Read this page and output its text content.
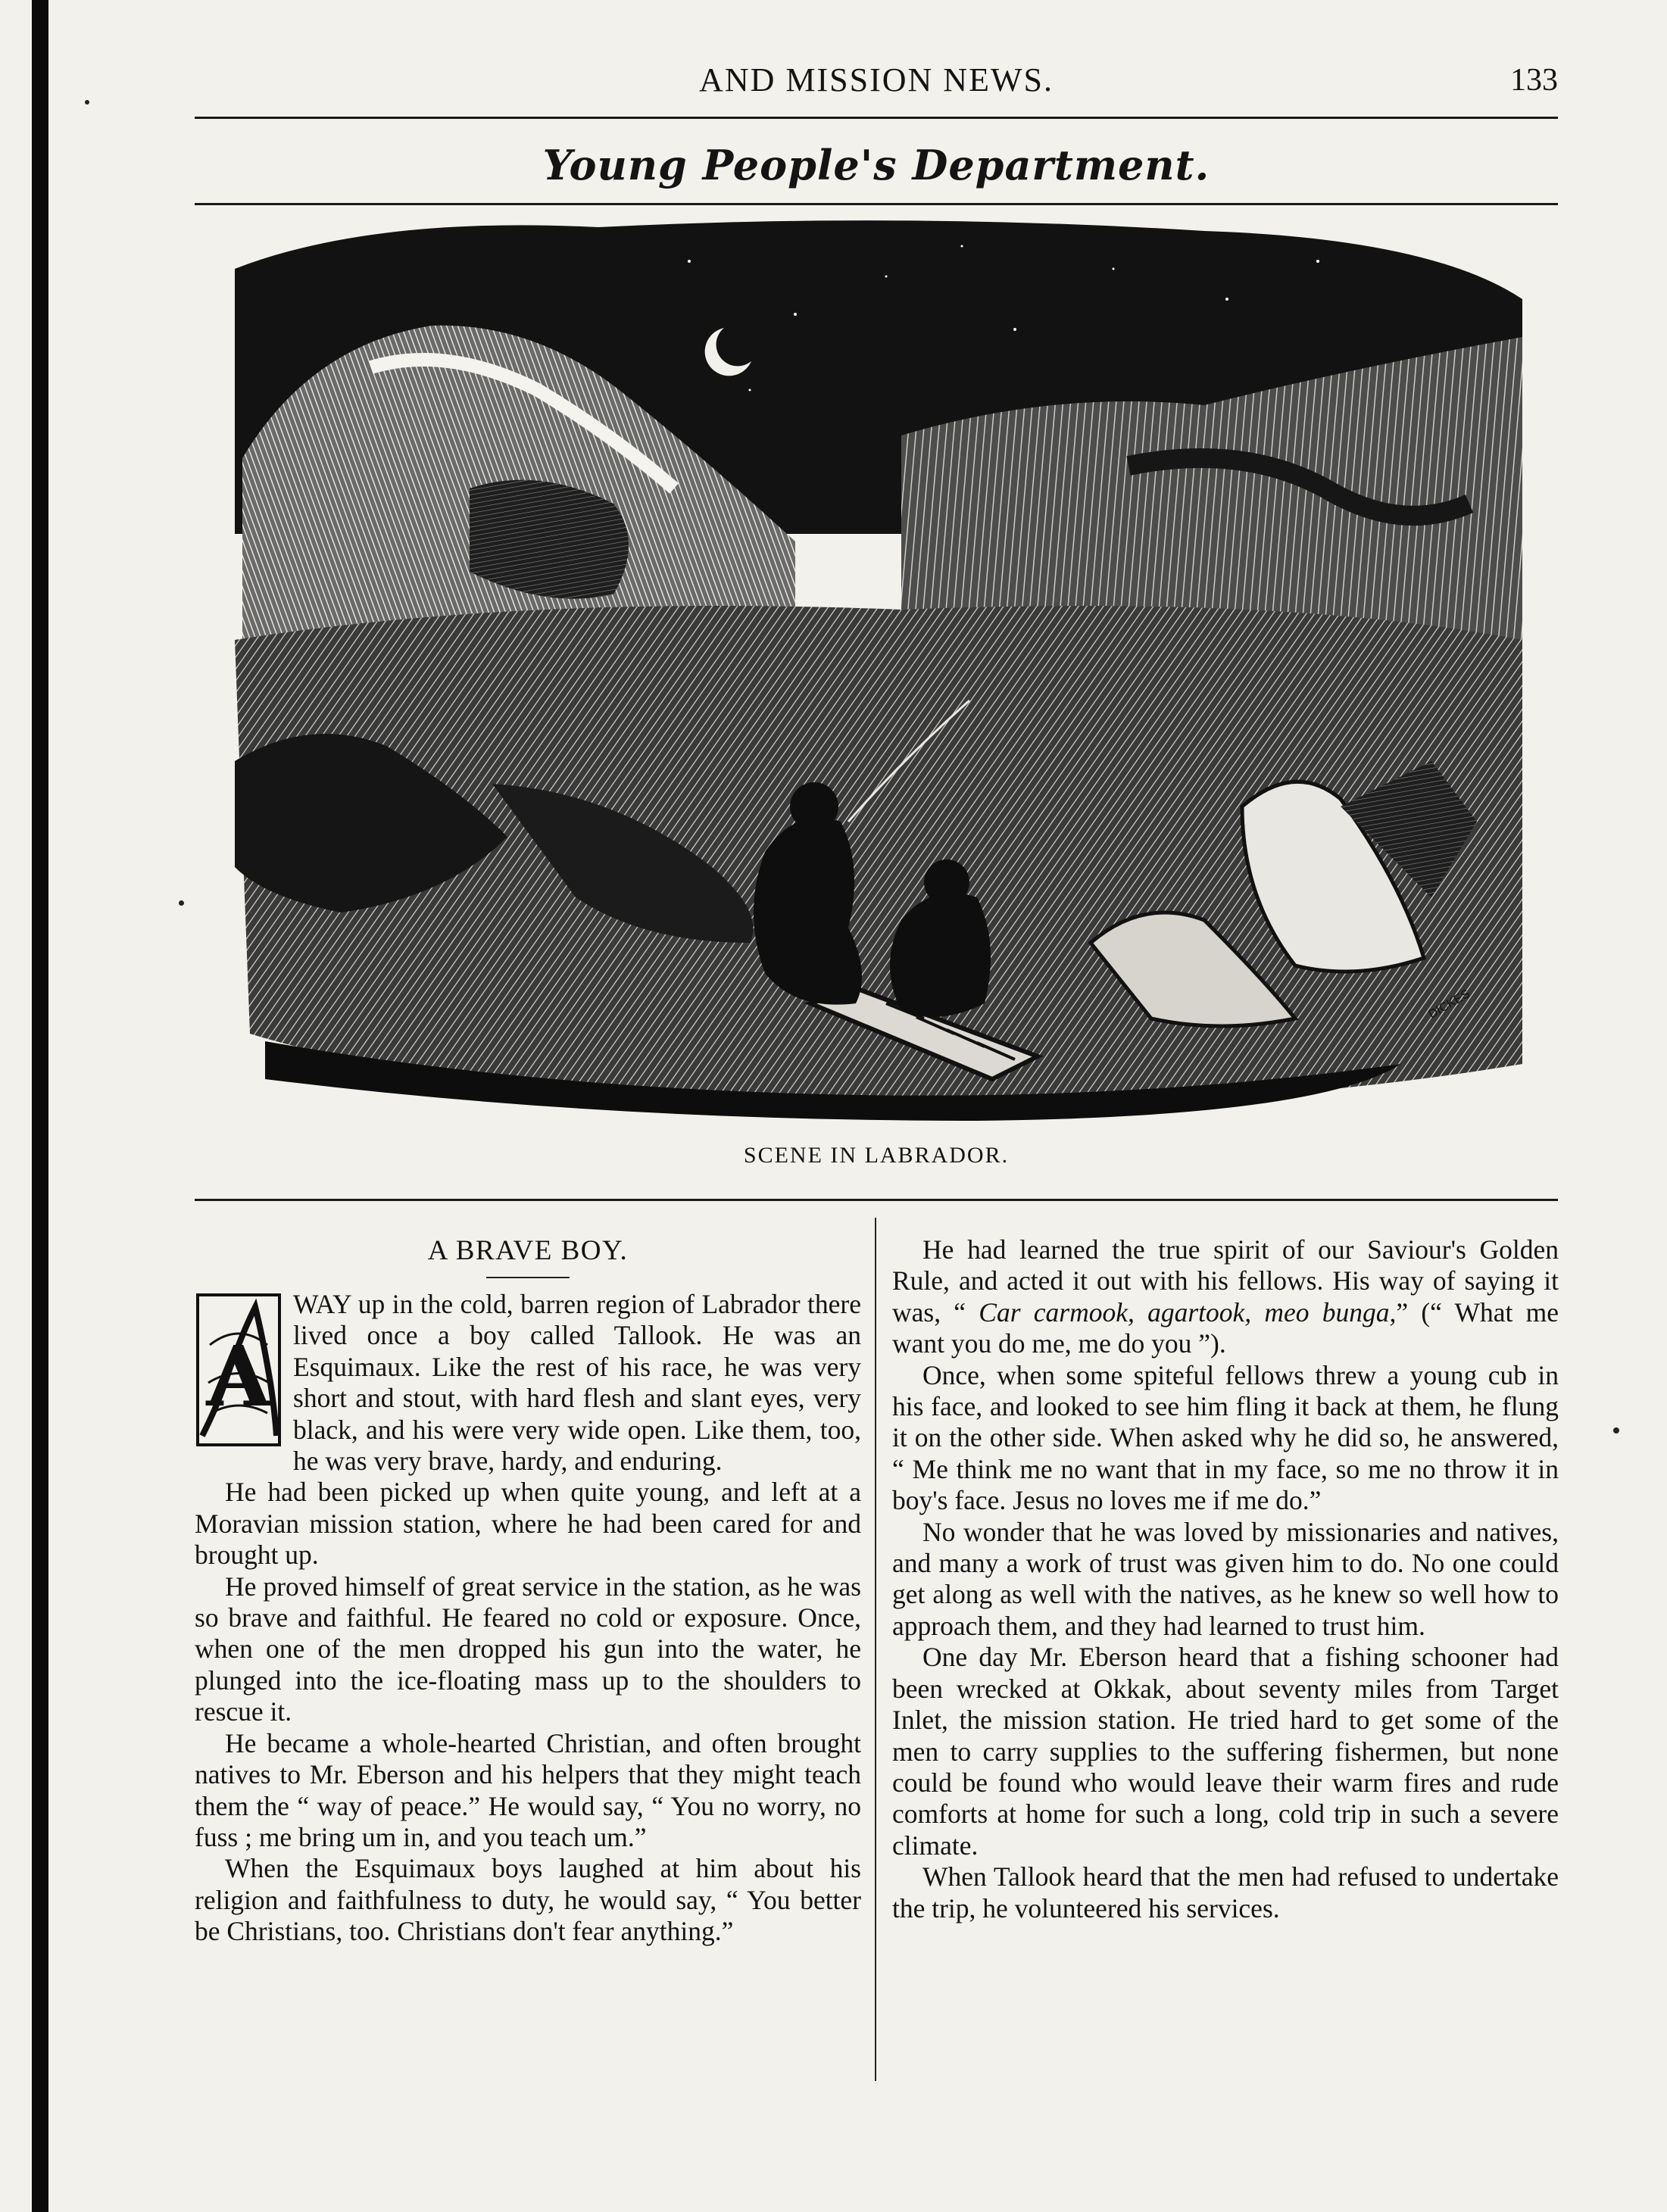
AND MISSION NEWS.	133
Young People's Department.
DICKES
SCENE IN LABRADOR.
A BRAVE BOY.
A

WAY up in the cold, barren region of Labrador there lived once a boy called Tallook. He was an Esquimaux. Like the rest of his race, he was very short and stout, with hard flesh and slant eyes, very black, and his were very wide open. Like them, too, he was very brave, hardy, and enduring.

He had been picked up when quite young, and left at a Moravian mission station, where he had been cared for and brought up.

He proved himself of great service in the station, as he was so brave and faithful. He feared no cold or exposure. Once, when one of the men dropped his gun into the water, he plunged into the ice-floating mass up to the shoulders to rescue it.

He became a whole-hearted Christian, and often brought natives to Mr. Eberson and his helpers that they might teach them the “ way of peace.” He would say, “ You no worry, no fuss ; me bring um in, and you teach um.”

When the Esquimaux boys laughed at him about his religion and faithfulness to duty, he would say, “ You better be Christians, too. Christians don't fear anything.”

He had learned the true spirit of our Saviour's Golden Rule, and acted it out with his fellows. His way of saying it was, “ Car carmook, agartook, meo bunga,” (“ What me want you do me, me do you ”).

Once, when some spiteful fellows threw a young cub in his face, and looked to see him fling it back at them, he flung it on the other side. When asked why he did so, he answered, “ Me think me no want that in my face, so me no throw it in boy's face. Jesus no loves me if me do.”

No wonder that he was loved by missionaries and natives, and many a work of trust was given him to do. No one could get along as well with the natives, as he knew so well how to approach them, and they had learned to trust him.

One day Mr. Eberson heard that a fishing schooner had been wrecked at Okkak, about seventy miles from Target Inlet, the mission station. He tried hard to get some of the men to carry supplies to the suffering fishermen, but none could be found who would leave their warm fires and rude comforts at home for such a long, cold trip in such a severe climate.

When Tallook heard that the men had refused to undertake the trip, he volunteered his services.
